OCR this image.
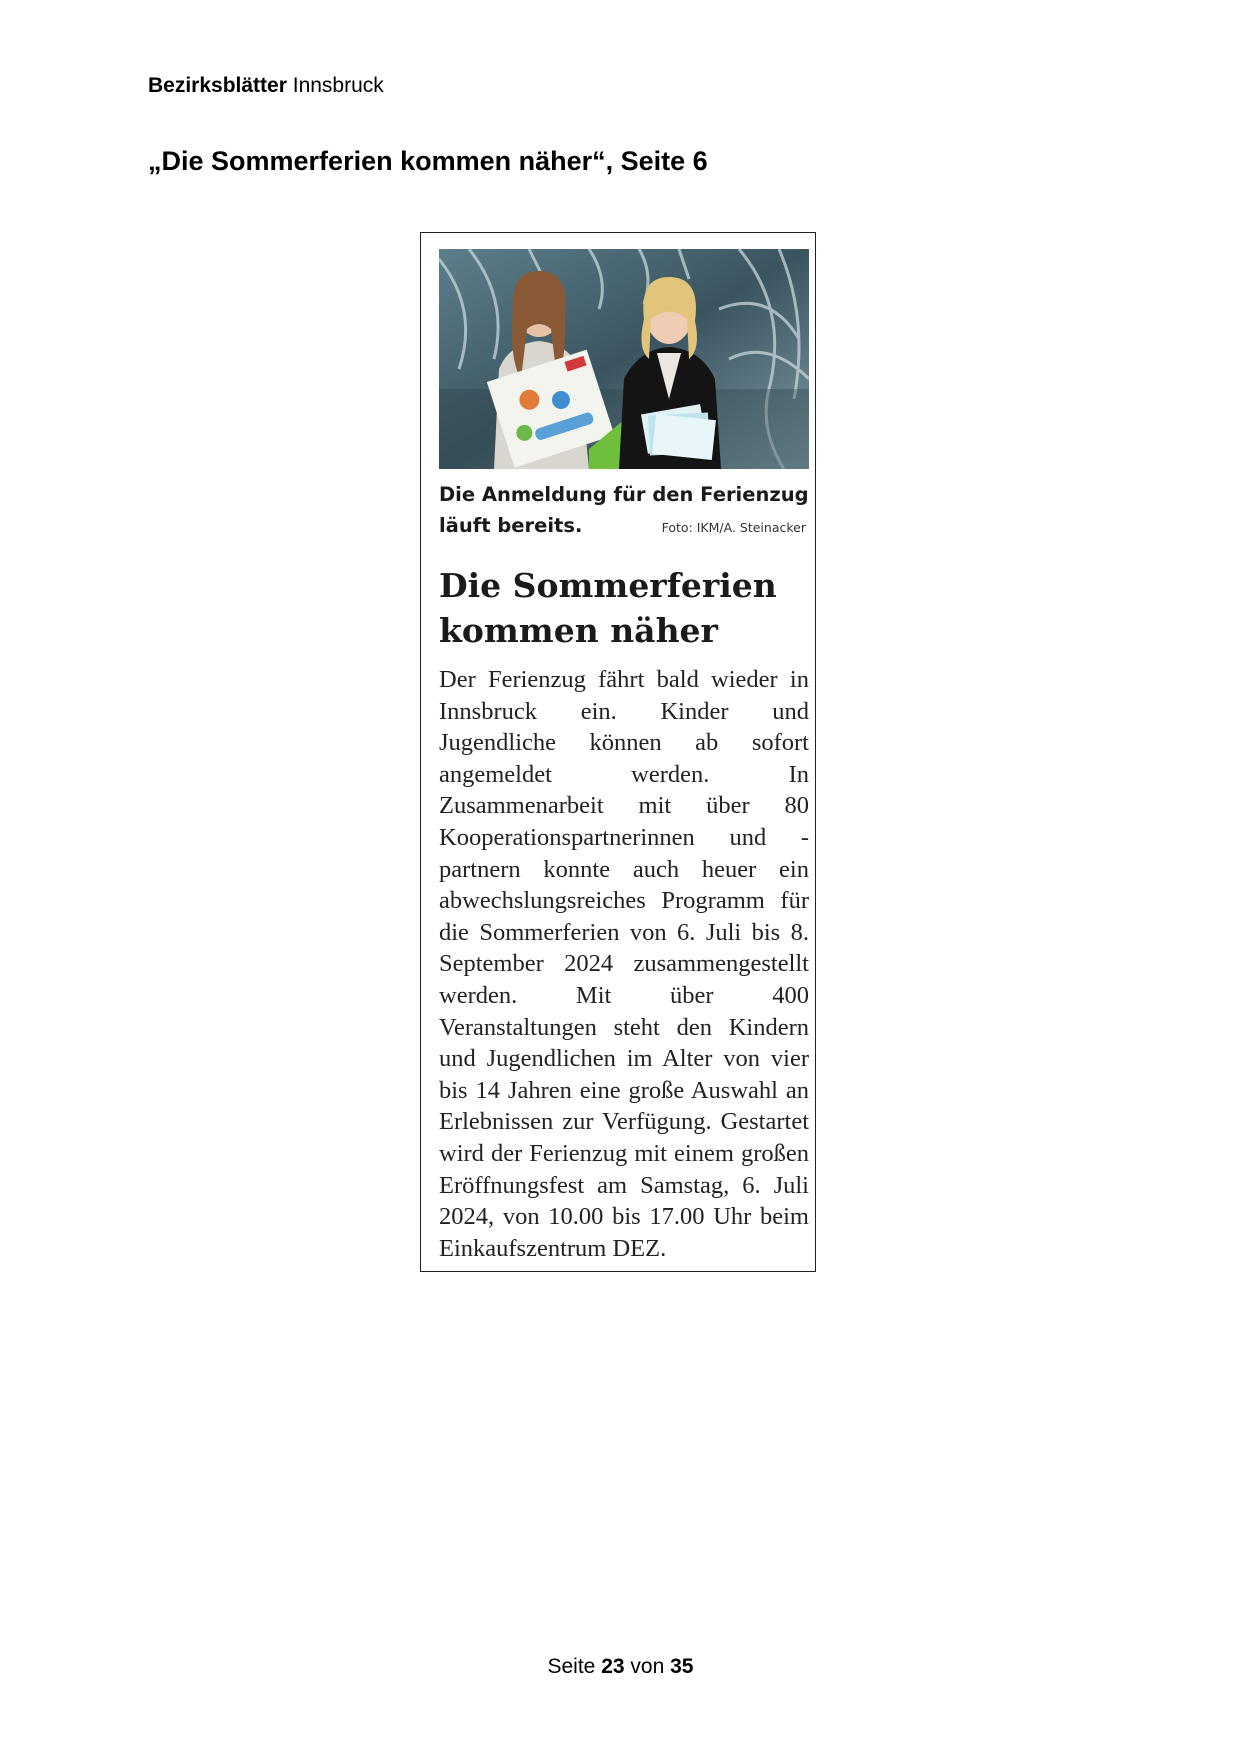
Bezirksblätter Innsbruck
„Die Sommerferien kommen näher“, Seite 6
Die Anmeldung für den Ferienzug läuft bereits.	Foto: IKM/A. Steinacker
Die Sommerferien kommen näher
Der Ferienzug fährt bald wieder in Innsbruck ein. Kinder und Jugendliche können ab sofort angemeldet werden. In Zusammenarbeit mit über 80 Kooperationspartnerinnen und -partnern konnte auch heuer ein abwechslungsreiches Programm für die Sommerferien von 6. Juli bis 8. September 2024 zusammengestellt werden. Mit über 400 Veranstaltungen steht den Kindern und Jugendlichen im Alter von vier bis 14 Jahren eine große Auswahl an Erlebnissen zur Verfügung. Gestartet wird der Ferienzug mit einem großen Eröffnungsfest am Samstag, 6. Juli 2024, von 10.00 bis 17.00 Uhr beim Einkaufszentrum DEZ.
Seite 23 von 35
